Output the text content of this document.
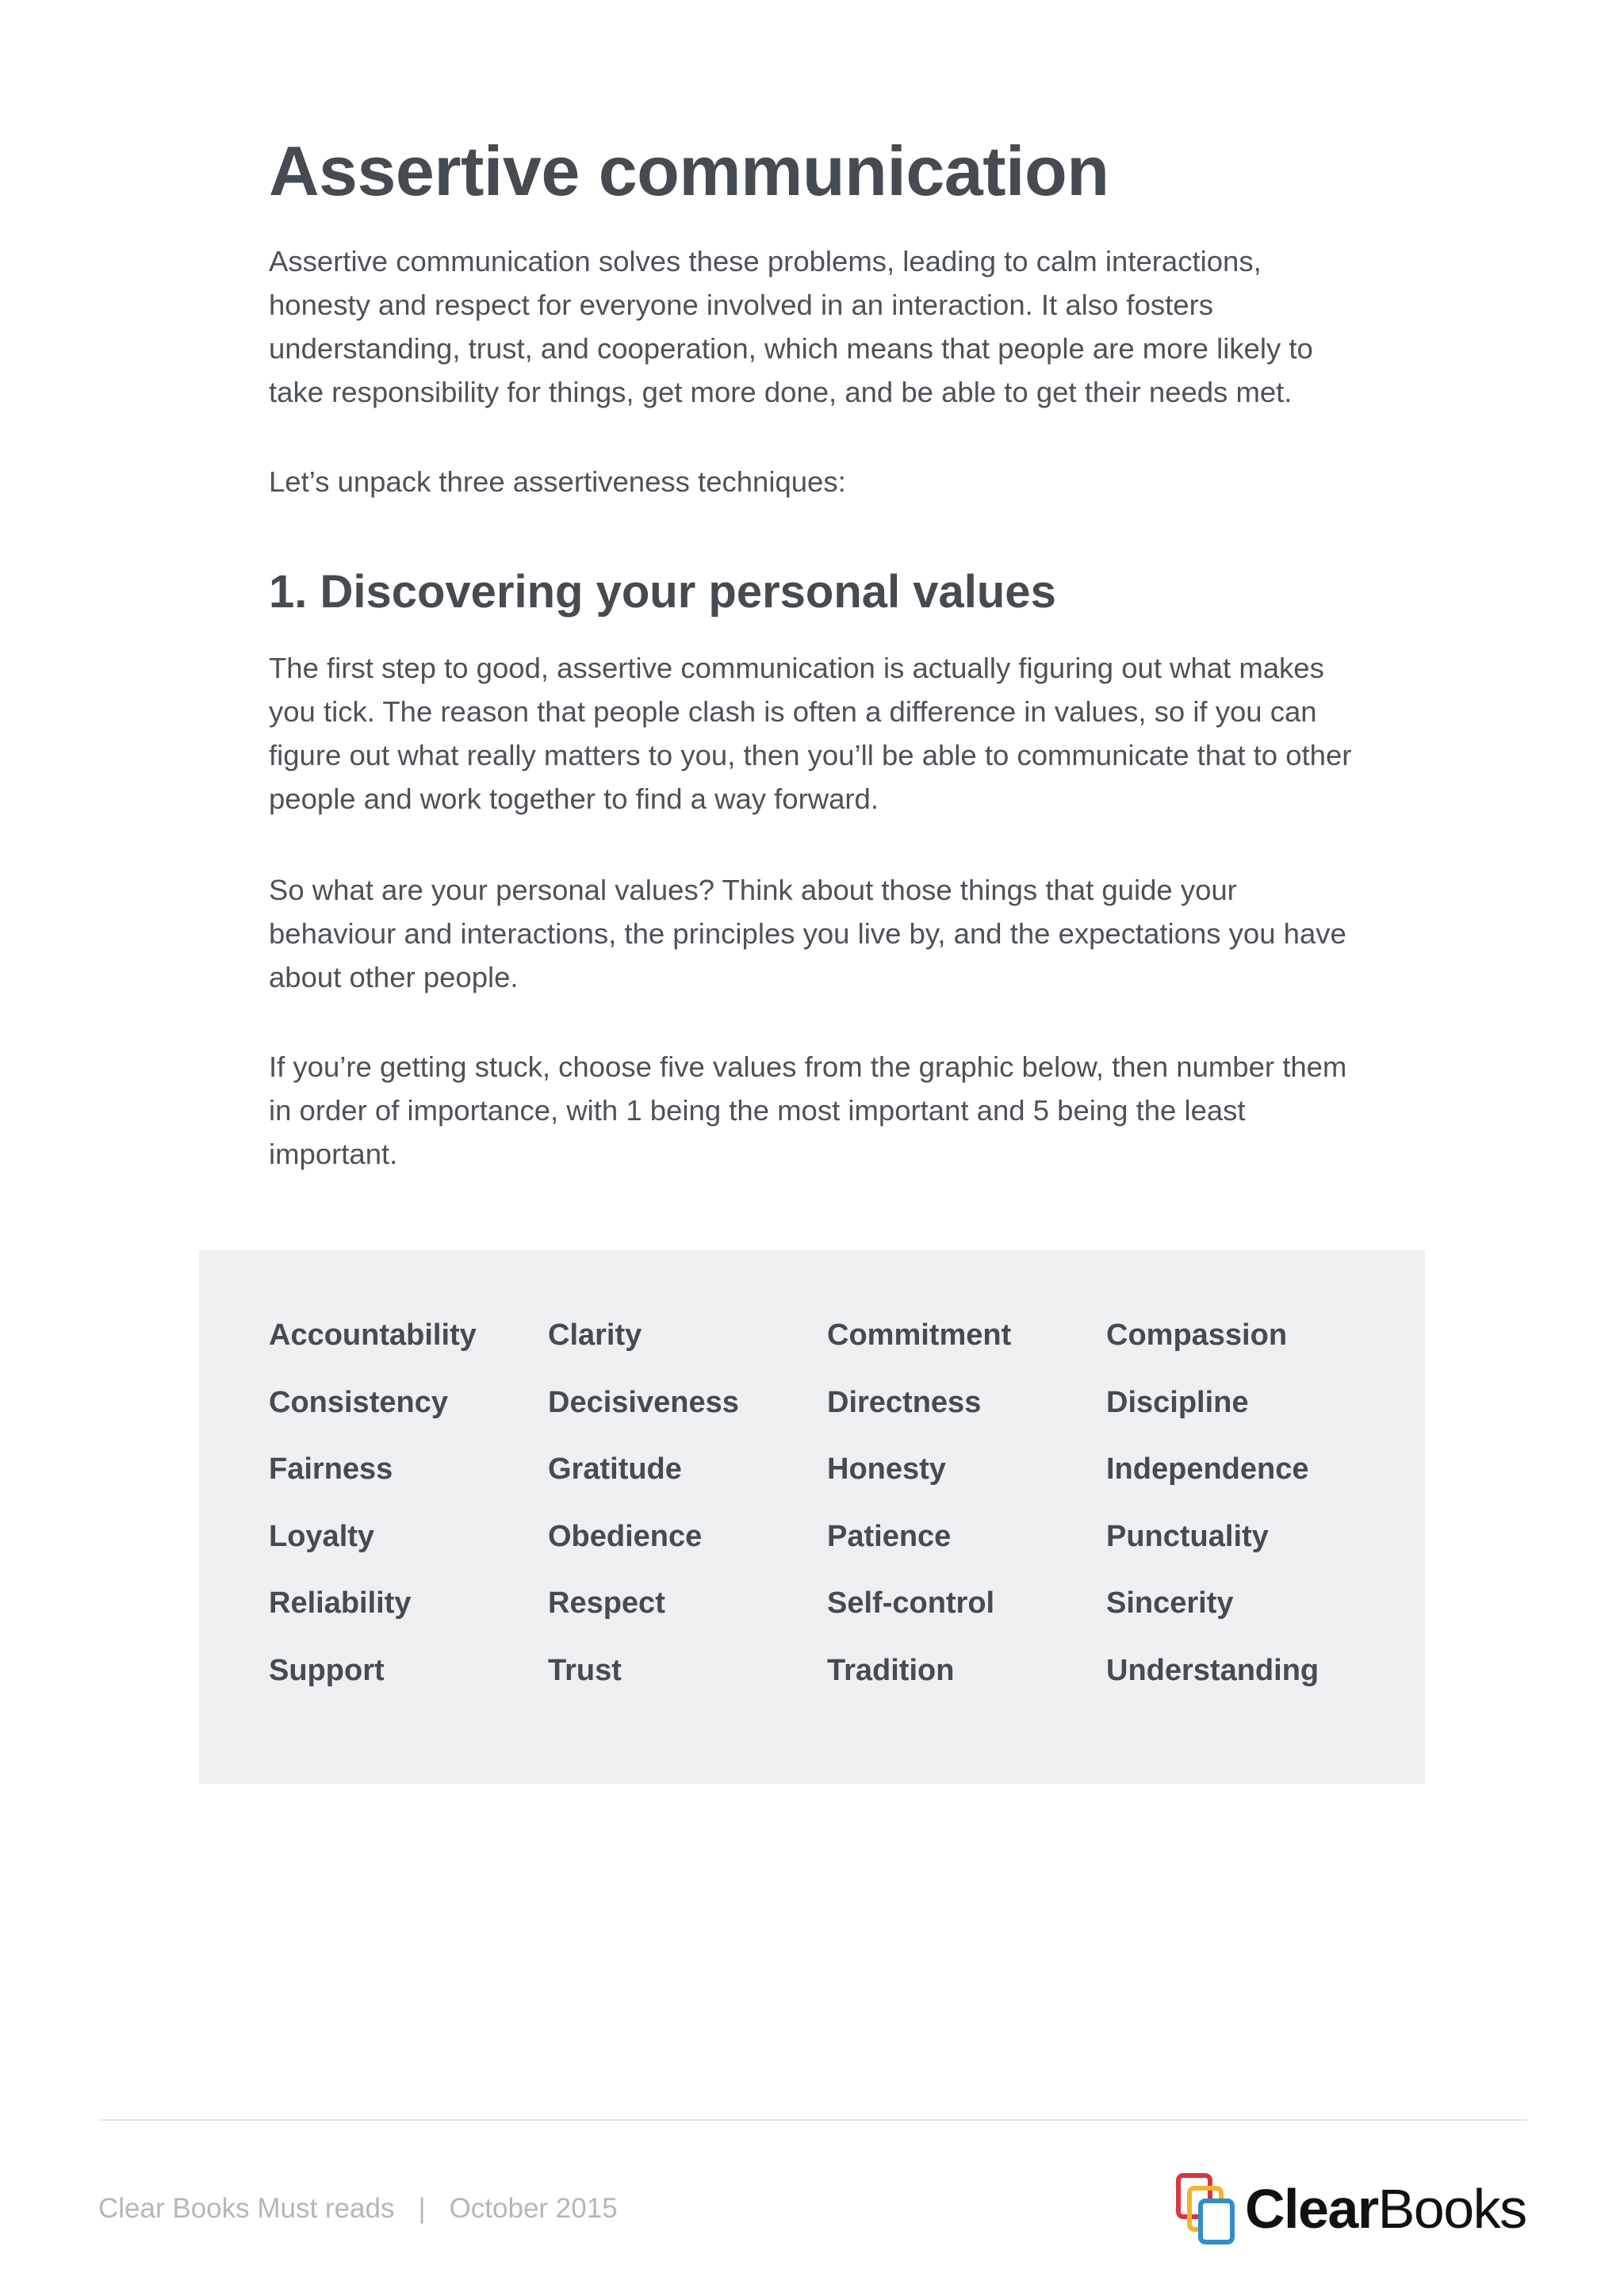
Assertive communication

Assertive communication solves these problems, leading to calm interactions, honesty and respect for everyone involved in an interaction. It also fosters understanding, trust, and cooperation, which means that people are more likely to take responsibility for things, get more done, and be able to get their needs met.

Let’s unpack three assertiveness techniques:

1. Discovering your personal values

The first step to good, assertive communication is actually figuring out what makes you tick. The reason that people clash is often a difference in values, so if you can figure out what really matters to you, then you’ll be able to communicate that to other people and work together to find a way forward.

So what are your personal values? Think about those things that guide your behaviour and interactions, the principles you live by, and the expectations you have about other people.

If you’re getting stuck, choose five values from the graphic below, then number them in order of importance, with 1 being the most important and 5 being the least important.

Accountability	Clarity	Commitment	Compassion
Consistency	Decisiveness	Directness	Discipline
Fairness	Gratitude	Honesty	Independence
Loyalty	Obedience	Patience	Punctuality
Reliability	Respect	Self-control	Sincerity
Support	Trust	Tradition	Understanding
Clear Books Must reads | October 2015	ClearBooks
